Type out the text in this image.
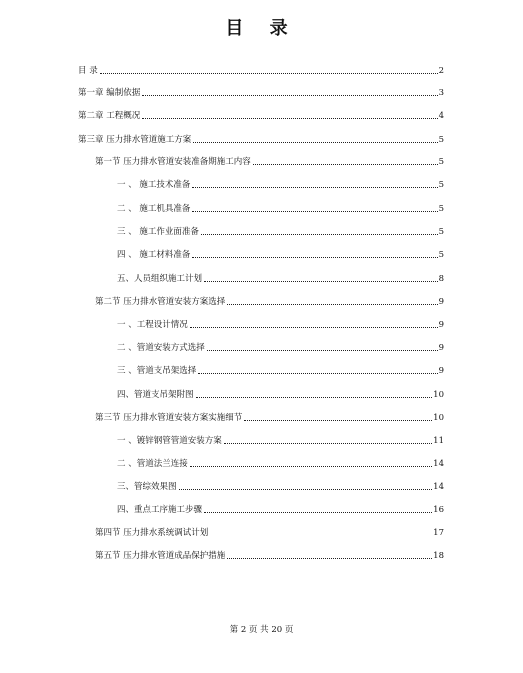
目 录
目 录	2
第一章 编制依据	3
第二章 工程概况	4
第三章 压力排水管道施工方案	5
第一节 压力排水管道安装准备期施工内容	5
一 、 施工技术准备	5
二 、 施工机具准备	5
三 、 施工作业面准备	5
四 、 施工材料准备	5
五、人员组织施工计划	8
第二节 压力排水管道安装方案选择	9
一 、工程设计情况	9
二 、管道安装方式选择	9
三 、管道支吊架选择	9
四、管道支吊架附图	10
第三节 压力排水管道安装方案实施细节	10
一 、镀锌钢管管道安装方案	11
二 、管道法兰连接	14
三、管综效果图	14
四、重点工序施工步骤	16
第四节 压力排水系统调试计划	17
第五节 压力排水管道成品保护措施	18
第 2 页 共 20 页
